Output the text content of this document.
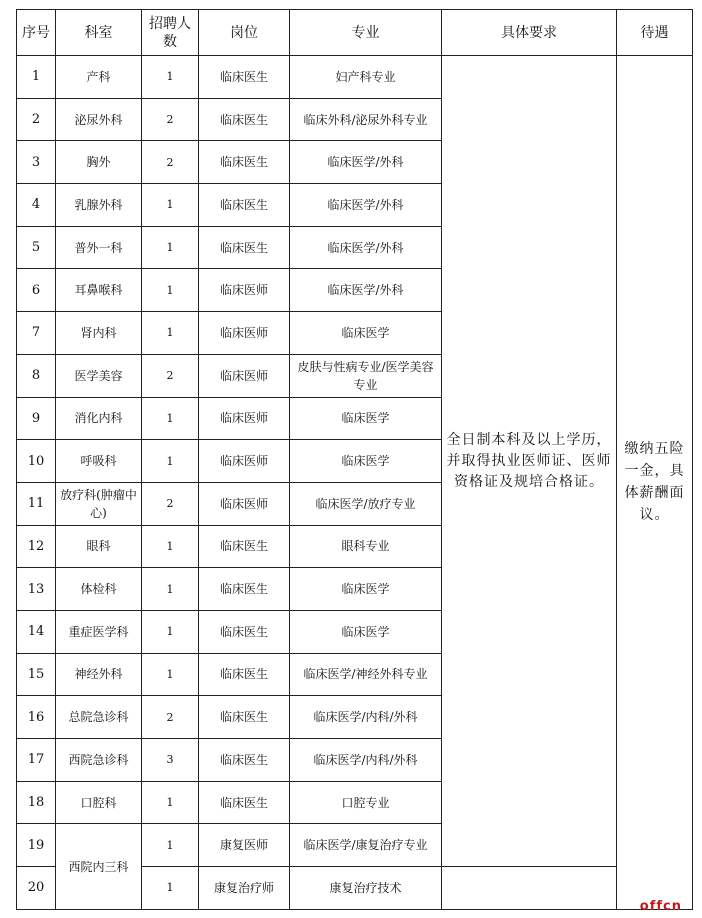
序号	科室	招聘人数	岗位	专业	具体要求	待遇
1	产科	1	临床医生	妇产科专业	全日制本科及以上学历，并取得执业医师证、医师资格证及规培合格证。	缴纳五险一金，具体薪酬面议。
2	泌尿外科	2	临床医生	临床外科/泌尿外科专业		
3	胸外	2	临床医生	临床医学/外科		
4	乳腺外科	1	临床医生	临床医学/外科		
5	普外一科	1	临床医生	临床医学/外科		
6	耳鼻喉科	1	临床医师	临床医学/外科		
7	肾内科	1	临床医师	临床医学		
8	医学美容	2	临床医师	皮肤与性病专业/医学美容专业		
9	消化内科	1	临床医师	临床医学		
10	呼吸科	1	临床医师	临床医学		
11	放疗科(肿瘤中心)	2	临床医师	临床医学/放疗专业		
12	眼科	1	临床医生	眼科专业		
13	体检科	1	临床医生	临床医学		
14	重症医学科	1	临床医生	临床医学		
15	神经外科	1	临床医生	临床医学/神经外科专业		
16	总院急诊科	2	临床医生	临床医学/内科/外科		
17	西院急诊科	3	临床医生	临床医学/内科/外科		
18	口腔科	1	临床医生	口腔专业		
19	西院内三科	1	康复医师	临床医学/康复治疗专业		
20		1	康复治疗师	康复治疗技术		
offcn
